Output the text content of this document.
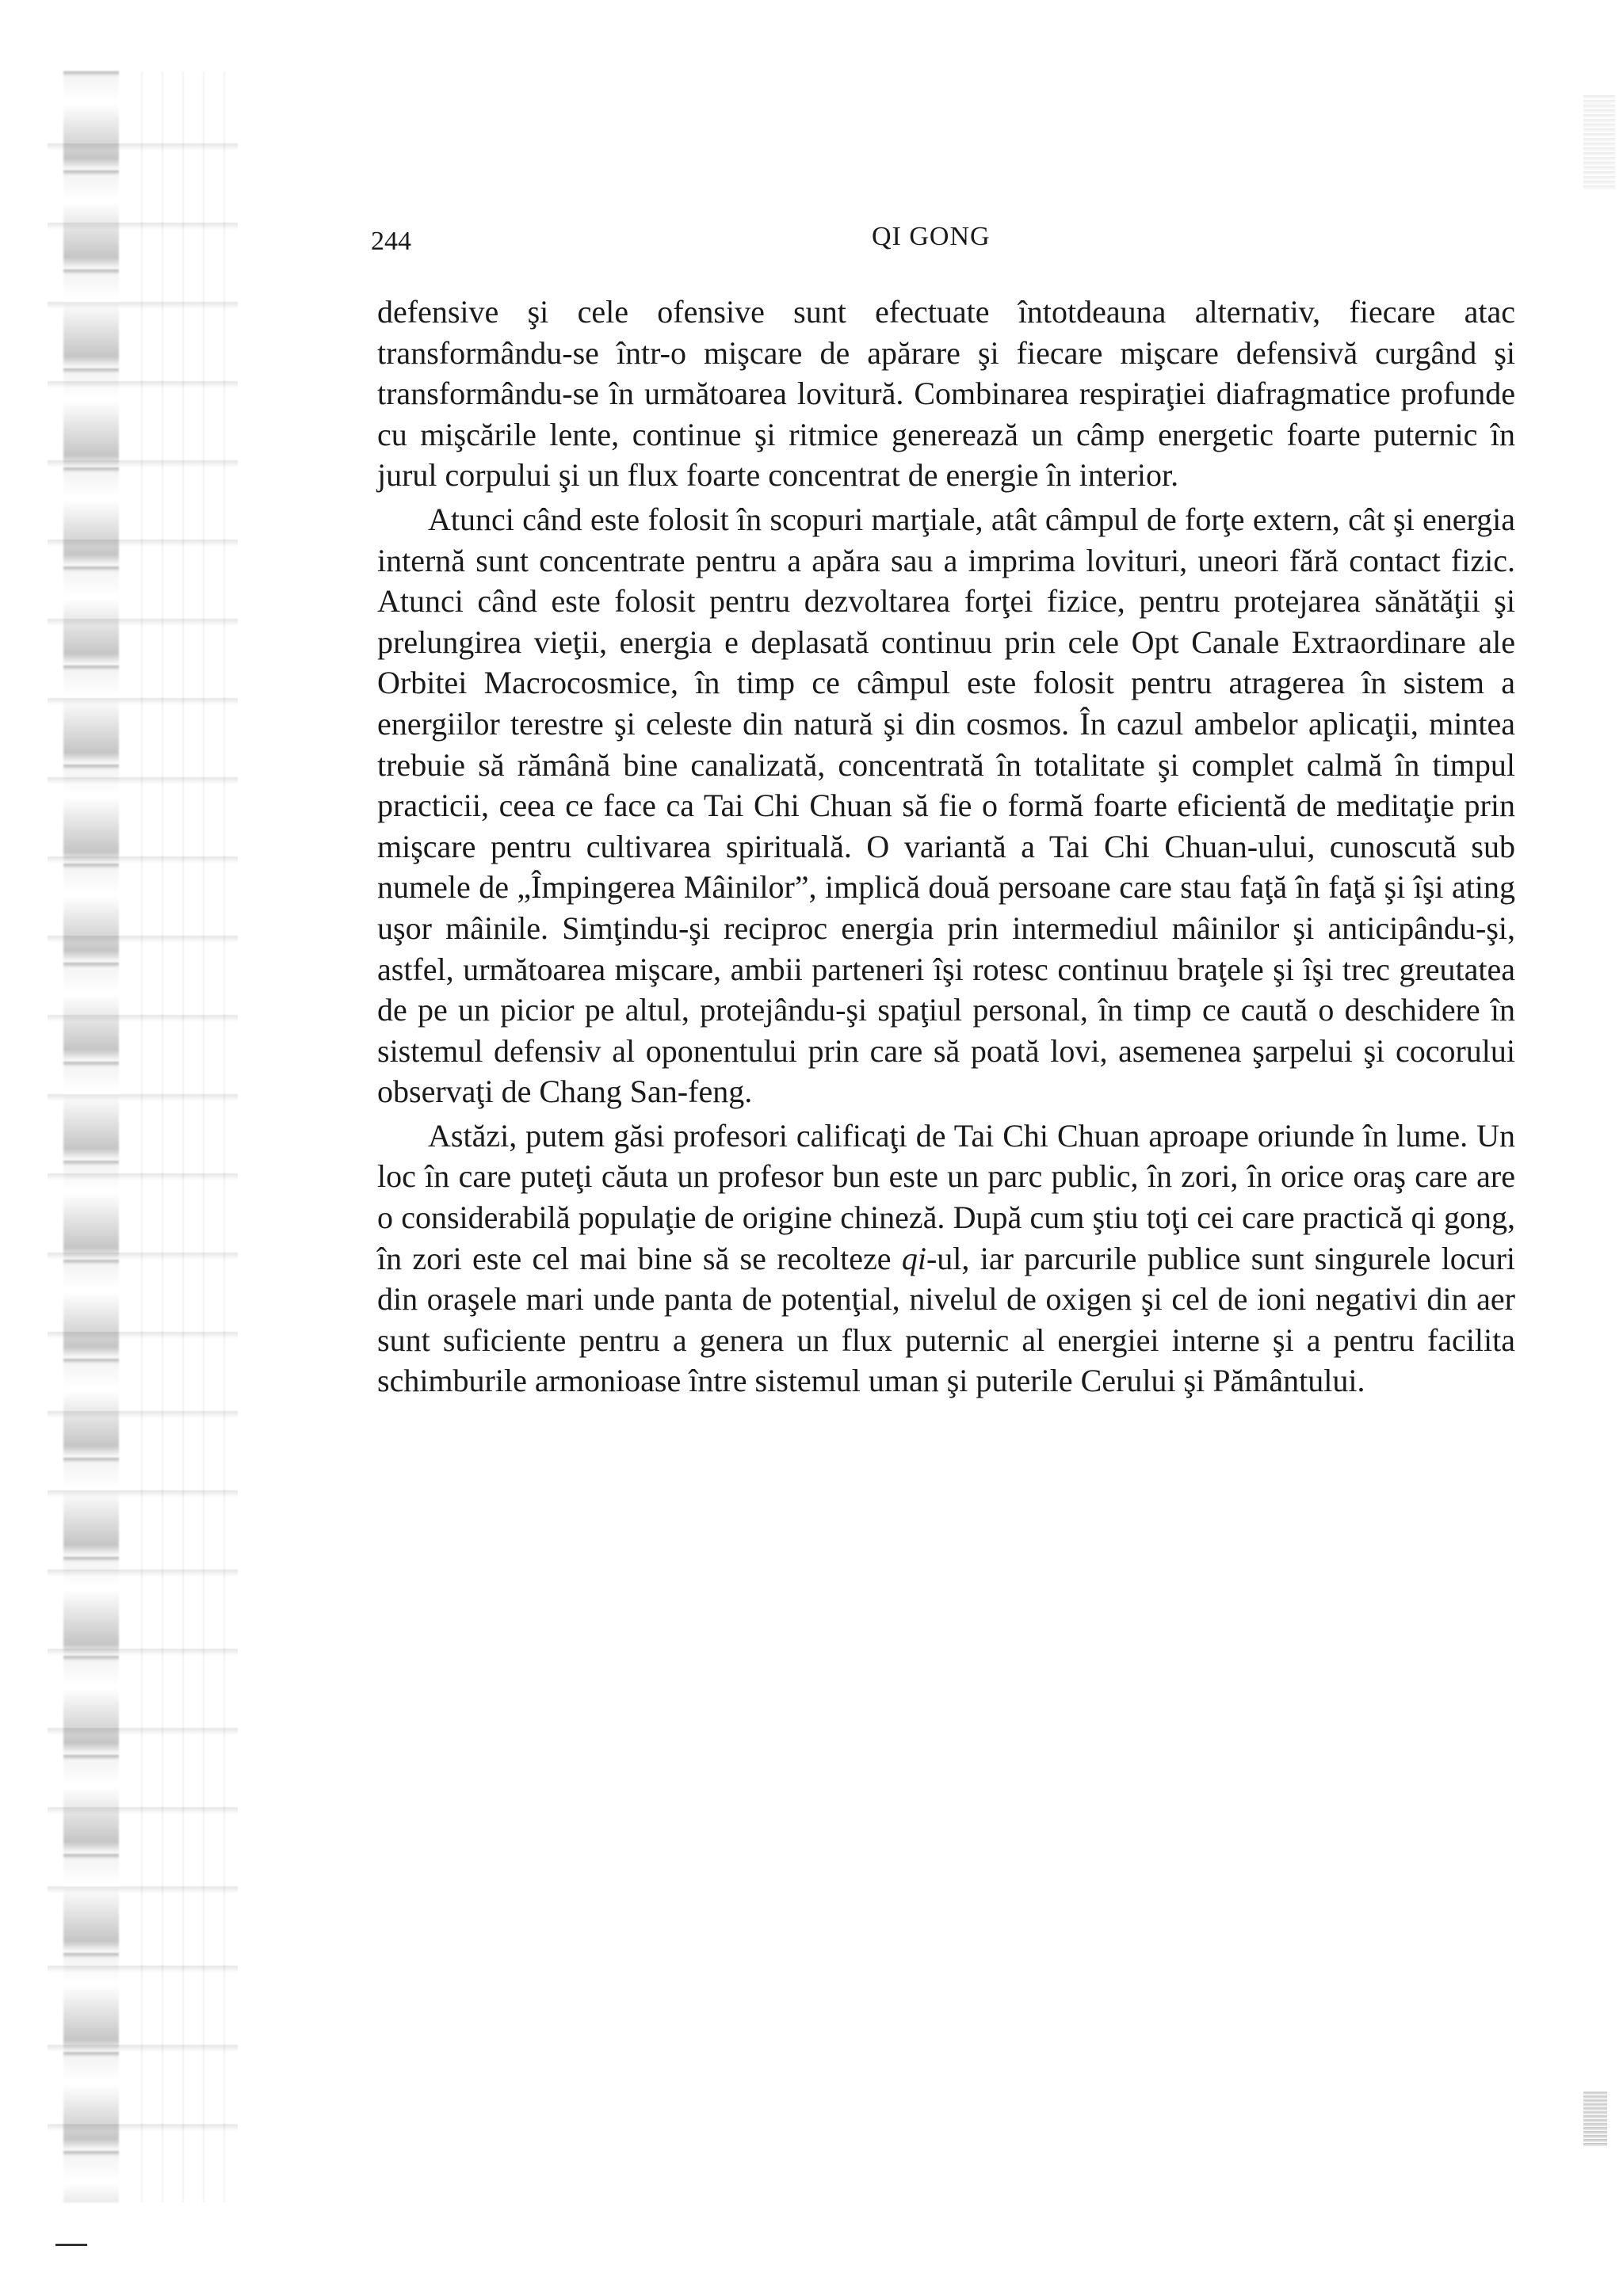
244	QI GONG

defensive şi cele ofensive sunt efectuate întotdeauna alternativ, fiecare atac transformându-se într-o mişcare de apărare şi fiecare mişcare defensivă curgând şi transformându-se în următoarea lovitură. Combinarea respiraţiei diafragmatice profunde cu mişcările lente, continue şi ritmice generează un câmp energetic foarte puternic în jurul corpului şi un flux foarte concentrat de energie în interior.

Atunci când este folosit în scopuri marţiale, atât câmpul de forţe extern, cât şi energia internă sunt concentrate pentru a apăra sau a imprima lovituri, uneori fără contact fizic. Atunci când este folosit pentru dezvoltarea forţei fizice, pentru protejarea sănătăţii şi prelungirea vieţii, energia e deplasată continuu prin cele Opt Canale Extraordinare ale Orbitei Macrocosmice, în timp ce câmpul este folosit pentru atragerea în sistem a energiilor terestre şi celeste din natură şi din cosmos. În cazul ambelor aplicaţii, mintea trebuie să rămână bine canalizată, concentrată în totalitate şi complet calmă în timpul practicii, ceea ce face ca Tai Chi Chuan să fie o formă foarte eficientă de meditaţie prin mişcare pentru cultivarea spirituală. O variantă a Tai Chi Chuan-ului, cunoscută sub numele de „Împingerea Mâinilor”, implică două persoane care stau faţă în faţă şi îşi ating uşor mâinile. Simţindu-şi reciproc energia prin intermediul mâinilor şi anticipându-şi, astfel, următoarea mişcare, ambii parteneri îşi rotesc continuu braţele şi îşi trec greutatea de pe un picior pe altul, protejându-şi spaţiul personal, în timp ce caută o deschidere în sistemul defensiv al oponentului prin care să poată lovi, asemenea şarpelui şi cocorului observaţi de Chang San-feng.

Astăzi, putem găsi profesori calificaţi de Tai Chi Chuan aproape oriunde în lume. Un loc în care puteţi căuta un profesor bun este un parc public, în zori, în orice oraş care are o considerabilă populaţie de origine chineză. După cum ştiu toţi cei care practică qi gong, în zori este cel mai bine să se recolteze qi-ul, iar parcurile publice sunt singurele locuri din oraşele mari unde panta de potenţial, nivelul de oxigen şi cel de ioni negativi din aer sunt suficiente pentru a genera un flux puternic al energiei interne şi a pentru facilita schimburile armonioase între sistemul uman şi puterile Cerului şi Pământului.
